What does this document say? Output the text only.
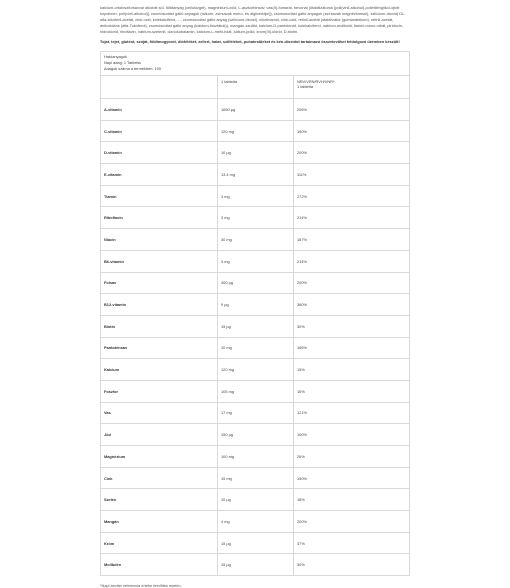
kalcium-ortofoszforsavval alkotott sói, töltőanyag (cellulózgél), magnézium-oxid, L-aszkorbinsav, vas(II)-fumarát, bevonat (ötabilizátorok [poli(vinil-alkohol)-polietilénglikol-ojtott kopolimer, poli(vinil-alkohol)], csomósodást gátló anyagok (talkum, zsírsavak mono- és digliceridjei]), csomósodást gátló anyagok (zsírsavak magnéziumsói), szilícium-dioxid) DL-alfa-tokoferil-acetát, cink-oxid, kolekalciferol, ..., csomósodást gátló anyag (szilícium-dioxid), nikotinamid, cink-oxid, retinil-acetát (stabilizátor (gumiarábikum), retinil-acetát, antioxidáns (alfa-Tokoferol), csomósodást gátló anyag (kalcium-foszfátok)), mangán-szulfát, kalcium-D-pantotenát, kolekalciferol, nátrium-molibdát, tiamin-mono-nitrát, piridoxin-hidroklorid, riboflavin, nátrium-szelenit, cianokobalamin, kálcium-L-metil-folát, kálium-jodid, króm(III)-klorid, D-biotin.

Tojat, tejet, glutént, szóját, földimogyorót, diófélékét, zellert, halat, szilféléket, puhatestűeket és kén-dioxidot tartalmazó összetevőket feldolgozó üzemben készült!

Hatóanyagok
Napi adag: 1 Tabletta
Adagok száma a termékben: 100		

	1 tabletta	NRV/VRN/RVH/VNR*
1 tabletta

A-vitamin	1650 µg	206%
C-vitamin	120 mg	150%
D-vitamin	10 µg	200%
E-vitamin	13.4 mg	111%
Tiamin	3 mg	272%
Riboflavin	3 mg	214%
Niacin	30 mg	187%
B6-vitamin	3 mg	214%
Folsav	400 µg	200%
B12-vitamin	9 µg	360%
Biotin	15 µg	30%
Pantoténsav	10 mg	166%
Kalcium	120 mg	15%
Foszfor	105 mg	15%
Vas	17 mg	121%
Jód	150 µg	100%
Magnézium	100 mg	26%
Cink	15 mg	150%
Szelén	10 µg	18%
Mangán	4 mg	200%
Króm	15 µg	37%
Molibdén	15 µg	30%

*Napi bevitel referencia értéke felnőttek esetén.
